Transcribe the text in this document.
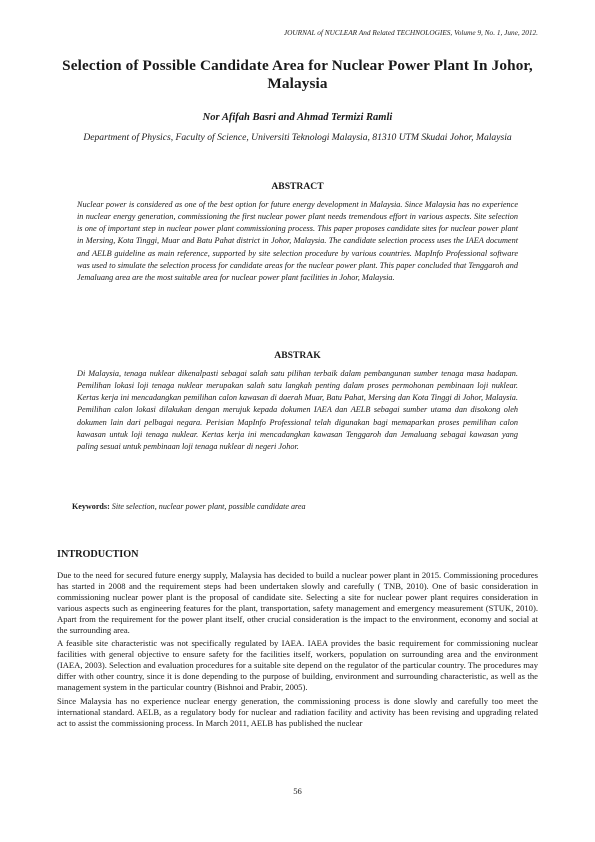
JOURNAL of NUCLEAR And Related TECHNOLOGIES, Volume 9, No. 1, June, 2012.
Selection of Possible Candidate Area for Nuclear Power Plant In Johor, Malaysia
Nor Afifah Basri and Ahmad Termizi Ramli
Department of Physics, Faculty of Science, Universiti Teknologi Malaysia, 81310 UTM Skudai Johor, Malaysia
ABSTRACT
Nuclear power is considered as one of the best option for future energy development in Malaysia. Since Malaysia has no experience in nuclear energy generation, commissioning the first nuclear power plant needs tremendous effort in various aspects. Site selection is one of important step in nuclear power plant commissioning process. This paper proposes candidate sites for nuclear power plant in Mersing, Kota Tinggi, Muar and Batu Pahat district in Johor, Malaysia. The candidate selection process uses the IAEA document and AELB guideline as main reference, supported by site selection procedure by various countries. MapInfo Professional software was used to simulate the selection process for candidate areas for the nuclear power plant. This paper concluded that Tenggaroh and Jemaluang area are the most suitable area for nuclear power plant facilities in Johor, Malaysia.
ABSTRAK
Di Malaysia, tenaga nuklear dikenalpasti sebagai salah satu pilihan terbaik dalam pembangunan sumber tenaga masa hadapan. Pemilihan lokasi loji tenaga nuklear merupakan salah satu langkah penting dalam proses permohonan pembinaan loji nuklear. Kertas kerja ini mencadangkan pemilihan calon kawasan di daerah Muar, Batu Pahat, Mersing dan Kota Tinggi di Johor, Malaysia. Pemilihan calon lokasi dilakukan dengan merujuk kepada dokumen IAEA dan AELB sebagai sumber utama dan disokong oleh dokumen lain dari pelbagai negara. Perisian MapInfo Professional telah digunakan bagi memaparkan proses pemilihan calon kawasan untuk loji tenaga nuklear. Kertas kerja ini mencadangkan kawasan Tenggaroh dan Jemaluang sebagai kawasan yang paling sesuai untuk pembinaan loji tenaga nuklear di negeri Johor.
Keywords: Site selection, nuclear power plant, possible candidate area
INTRODUCTION

Due to the need for secured future energy supply, Malaysia has decided to build a nuclear power plant in 2015. Commissioning procedures has started in 2008 and the requirement steps had been undertaken slowly and carefully ( TNB, 2010). One of basic consideration in commissioning nuclear power plant is the proposal of candidate site. Selecting a site for nuclear power plant requires consideration in various aspects such as engineering features for the plant, transportation, safety management and emergency measurement (STUK, 2010). Apart from the requirement for the power plant itself, other crucial consideration is the impact to the environment, economy and social at the surrounding area.

A feasible site characteristic was not specifically regulated by IAEA. IAEA provides the basic requirement for commissioning nuclear facilities with general objective to ensure safety for the facilities itself, workers, population on surrounding area and the environment (IAEA, 2003). Selection and evaluation procedures for a suitable site depend on the regulator of the particular country. The procedures may differ with other country, since it is done depending to the purpose of building, environment and surrounding characteristic, as well as the management system in the particular country (Bishnoi and Prabir, 2005).

Since Malaysia has no experience nuclear energy generation, the commissioning process is done slowly and carefully too meet the international standard. AELB, as a regulatory body for nuclear and radiation facility and activity has been revising and upgrading related act to assist the commissioning process. In March 2011, AELB has published the nuclear

56
